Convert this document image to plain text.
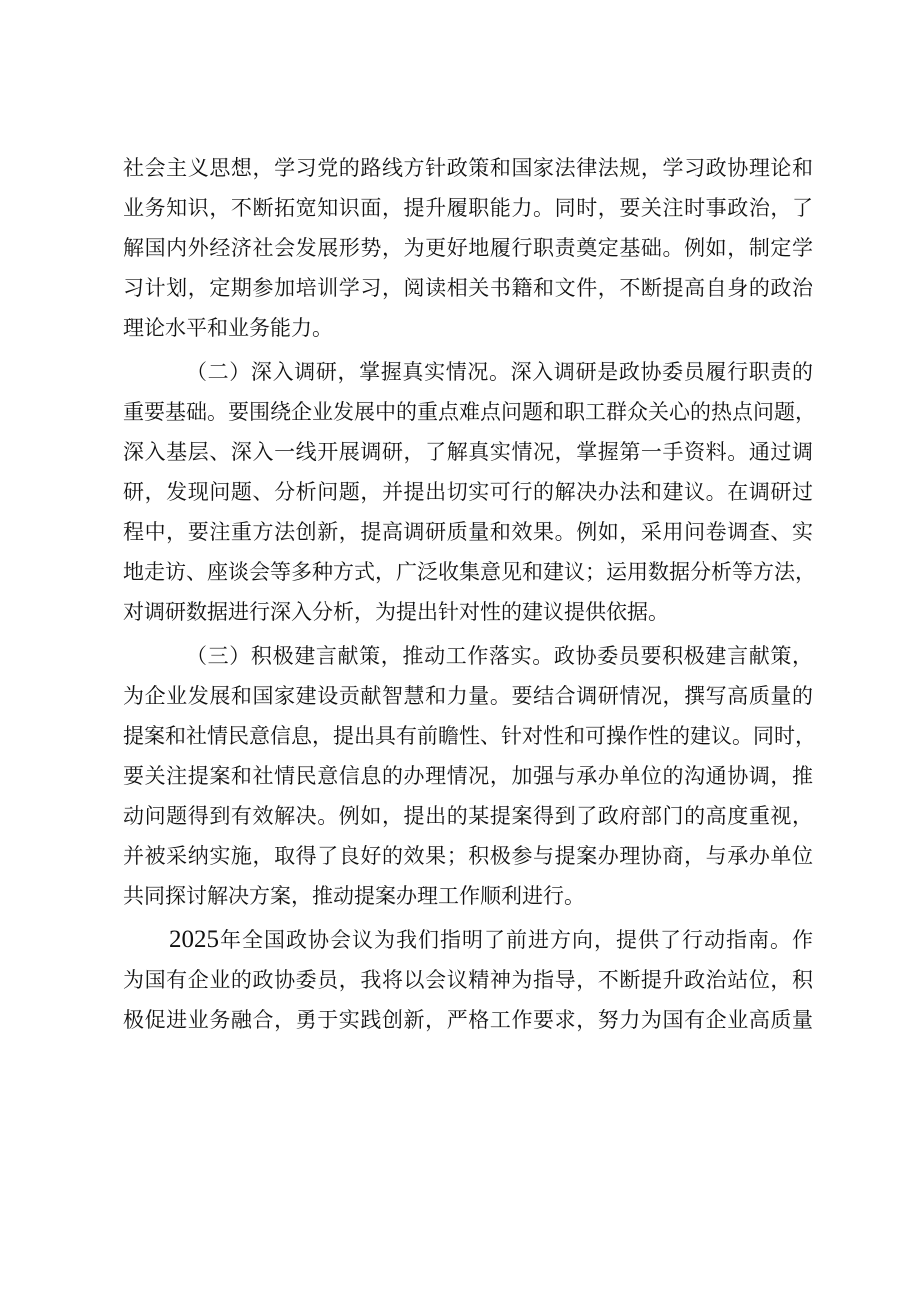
社会主义思想，学习党的路线方针政策和国家法律法规，学习政协理论和
业务知识，不断拓宽知识面，提升履职能力。同时，要关注时事政治，了
解国内外经济社会发展形势，为更好地履行职责奠定基础。例如，制定学
习计划，定期参加培训学习，阅读相关书籍和文件，不断提高自身的政治
理论水平和业务能力。
（二）深入调研，掌握真实情况。深入调研是政协委员履行职责的
重要基础。要围绕企业发展中的重点难点问题和职工群众关心的热点问题，
深入基层、深入一线开展调研，了解真实情况，掌握第一手资料。通过调
研，发现问题、分析问题，并提出切实可行的解决办法和建议。在调研过
程中，要注重方法创新，提高调研质量和效果。例如，采用问卷调查、实
地走访、座谈会等多种方式，广泛收集意见和建议；运用数据分析等方法，
对调研数据进行深入分析，为提出针对性的建议提供依据。
（三）积极建言献策，推动工作落实。政协委员要积极建言献策，
为企业发展和国家建设贡献智慧和力量。要结合调研情况，撰写高质量的
提案和社情民意信息，提出具有前瞻性、针对性和可操作性的建议。同时，
要关注提案和社情民意信息的办理情况，加强与承办单位的沟通协调，推
动问题得到有效解决。例如，提出的某提案得到了政府部门的高度重视，
并被采纳实施，取得了良好的效果；积极参与提案办理协商，与承办单位
共同探讨解决方案，推动提案办理工作顺利进行。
2025年全国政协会议为我们指明了前进方向，提供了行动指南。作
为国有企业的政协委员，我将以会议精神为指导，不断提升政治站位，积
极促进业务融合，勇于实践创新，严格工作要求，努力为国有企业高质量
